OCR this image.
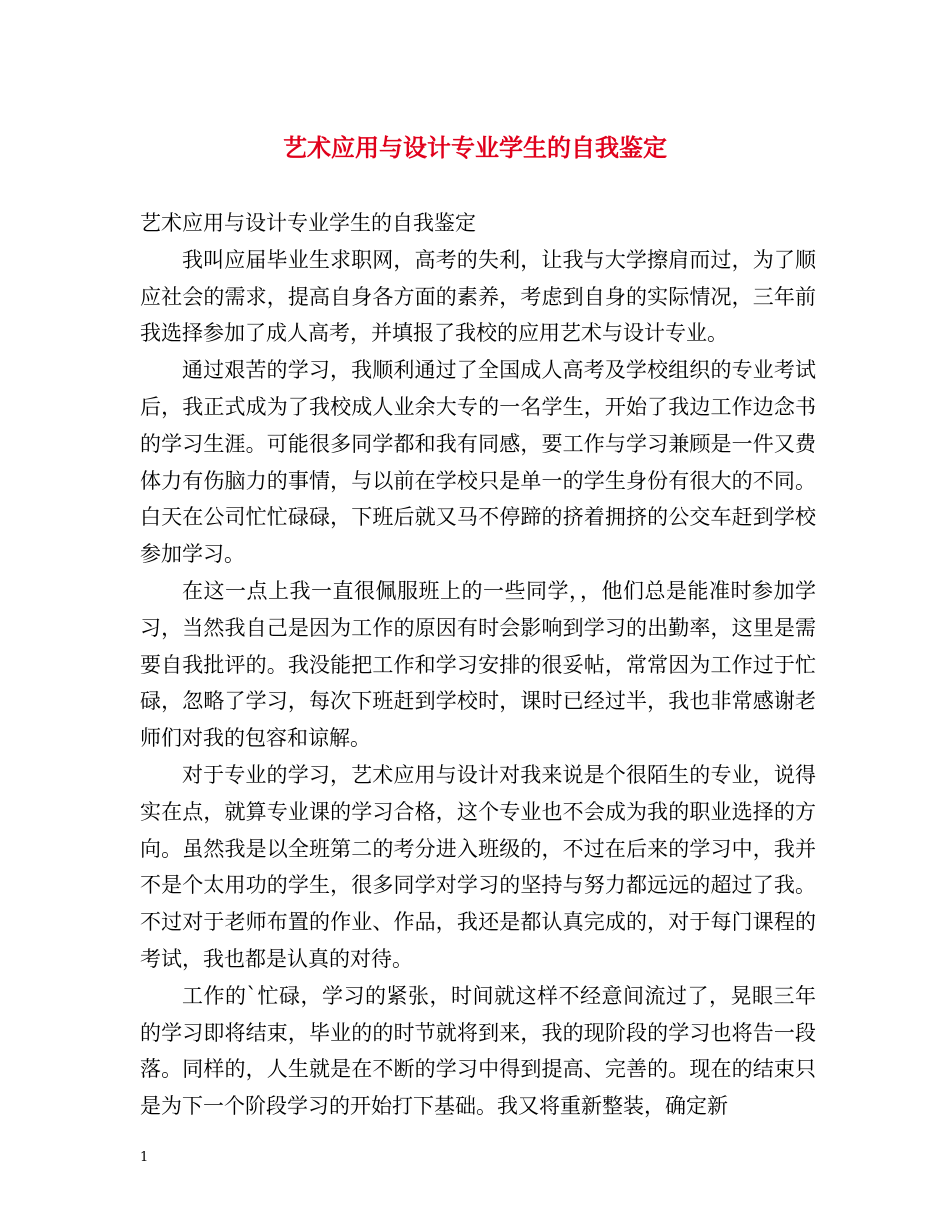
艺术应用与设计专业学生的自我鉴定

艺术应用与设计专业学生的自我鉴定

我叫应届毕业生求职网，高考的失利，让我与大学擦肩而过，为了顺应社会的需求，提高自身各方面的素养，考虑到自身的实际情况，三年前我选择参加了成人高考，并填报了我校的应用艺术与设计专业。

通过艰苦的学习，我顺利通过了全国成人高考及学校组织的专业考试后，我正式成为了我校成人业余大专的一名学生，开始了我边工作边念书的学习生涯。可能很多同学都和我有同感，要工作与学习兼顾是一件又费体力有伤脑力的事情，与以前在学校只是单一的学生身份有很大的不同。白天在公司忙忙碌碌，下班后就又马不停蹄的挤着拥挤的公交车赶到学校参加学习。

在这一点上我一直很佩服班上的一些同学，，他们总是能准时参加学习，当然我自己是因为工作的原因有时会影响到学习的出勤率，这里是需要自我批评的。我没能把工作和学习安排的很妥帖，常常因为工作过于忙碌，忽略了学习，每次下班赶到学校时，课时已经过半，我也非常感谢老师们对我的包容和谅解。

对于专业的学习，艺术应用与设计对我来说是个很陌生的专业，说得实在点，就算专业课的学习合格，这个专业也不会成为我的职业选择的方向。虽然我是以全班第二的考分进入班级的，不过在后来的学习中，我并不是个太用功的学生，很多同学对学习的坚持与努力都远远的超过了我。不过对于老师布置的作业、作品，我还是都认真完成的，对于每门课程的考试，我也都是认真的对待。

工作的`忙碌，学习的紧张，时间就这样不经意间流过了，晃眼三年的学习即将结束，毕业的的时节就将到来，我的现阶段的学习也将告一段落。同样的，人生就是在不断的学习中得到提高、完善的。现在的结束只是为下一个阶段学习的开始打下基础。我又将重新整装，确定新

1
